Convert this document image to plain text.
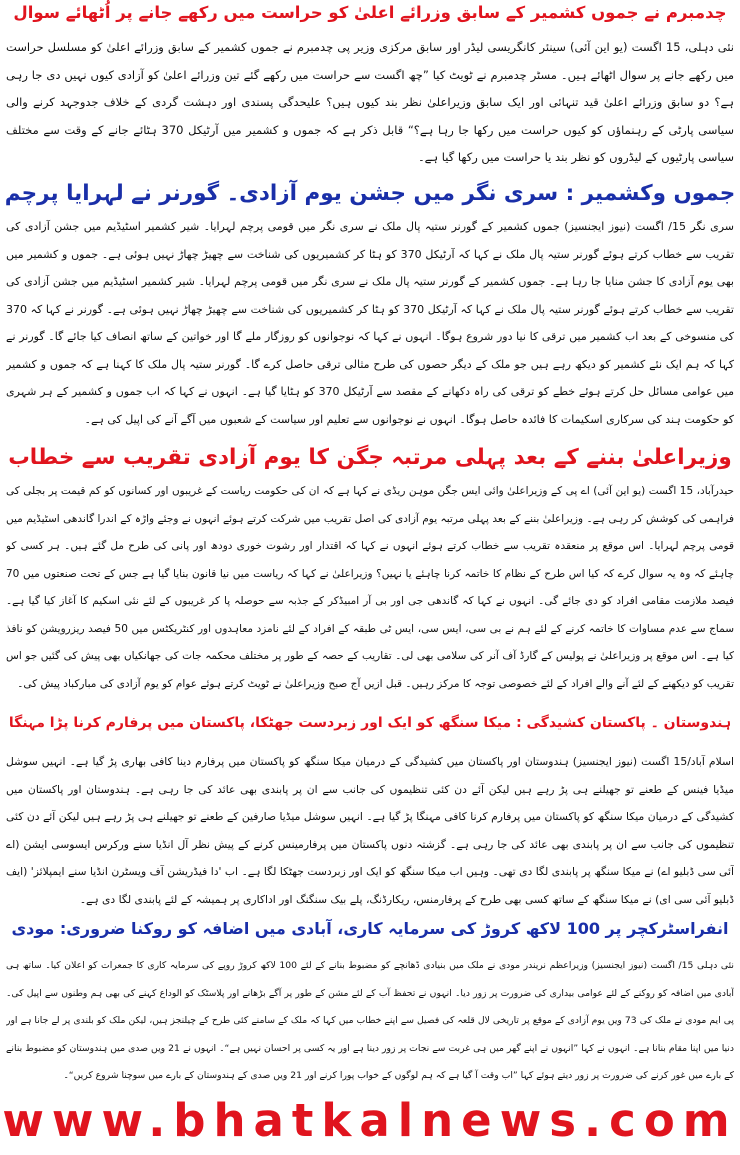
چدمبرم نے جموں کشمیر کے سابق وزرائے اعلیٰ کو حراست میں رکھے جانے پر اُٹھائے سوال

نئی دہلی، 15 اگست (یو این آئی) سینئر کانگریسی لیڈر اور سابق مرکزی وزیر پی چدمبرم نے جموں کشمیر کے سابق وزرائے اعلیٰ کو مسلسل حراست میں رکھے جانے پر سوال اٹھائے ہیں۔ مسٹر چدمبرم نے ٹویٹ کیا ”چھ اگست سے حراست میں رکھے گئے تین وزرائے اعلیٰ کو آزادی کیوں نہیں دی جا رہی ہے؟ دو سابق وزرائے اعلیٰ قید تنہائی اور ایک سابق وزیراعلیٰ نظر بند کیوں ہیں؟ علیحدگی پسندی اور دہشت گردی کے خلاف جدوجہد کرنے والی سیاسی پارٹی کے رہنماؤں کو کیوں حراست میں رکھا جا رہا ہے؟“ قابل ذکر ہے کہ جموں و کشمیر میں آرٹیکل 370 ہٹائے جانے کے وقت سے مختلف سیاسی پارٹیوں کے لیڈروں کو نظر بند یا حراست میں رکھا گیا ہے۔

جموں وکشمیر : سری نگر میں جشن یوم آزادی۔ گورنر نے لہرایا پرچم

سری نگر 15/ اگست (نیوز ایجنسیز) جموں کشمیر کے گورنر ستیہ پال ملک نے سری نگر میں قومی پرچم لہرایا۔ شیر کشمیر اسٹیڈیم میں جشن آزادی کی تقریب سے خطاب کرتے ہوئے گورنر ستیہ پال ملک نے کہا کہ آرٹیکل 370 کو ہٹا کر کشمیریوں کی شناخت سے چھیڑ چھاڑ نہیں ہوئی ہے۔ جموں و کشمیر میں بھی یوم آزادی کا جشن منایا جا رہا ہے۔ جموں کشمیر کے گورنر ستیہ پال ملک نے سری نگر میں قومی پرچم لہرایا۔ شیر کشمیر اسٹیڈیم میں جشن آزادی کی تقریب سے خطاب کرتے ہوئے گورنر ستیہ پال ملک نے کہا کہ آرٹیکل 370 کو ہٹا کر کشمیریوں کی شناخت سے چھیڑ چھاڑ نہیں ہوئی ہے۔ گورنر نے کہا کہ 370 کی منسوخی کے بعد اب کشمیر میں ترقی کا نیا دور شروع ہوگا۔ انہوں نے کہا کہ نوجوانوں کو روزگار ملے گا اور خواتین کے ساتھ انصاف کیا جائے گا۔ گورنر نے کہا کہ ہم ایک نئے کشمیر کو دیکھ رہے ہیں جو ملک کے دیگر حصوں کی طرح مثالی ترقی حاصل کرے گا۔ گورنر ستیہ پال ملک کا کہنا ہے کہ جموں و کشمیر میں عوامی مسائل حل کرتے ہوئے خطے کو ترقی کی راہ دکھانے کے مقصد سے آرٹیکل 370 کو ہٹایا گیا ہے۔ انہوں نے کہا کہ اب جموں و کشمیر کے ہر شہری کو حکومت ہند کی سرکاری اسکیمات کا فائدہ حاصل ہوگا۔ انہوں نے نوجوانوں سے تعلیم اور سیاست کے شعبوں میں آگے آنے کی اپیل کی ہے۔

وزیراعلیٰ بننے کے بعد پہلی مرتبہ جگن کا یوم آزادی تقریب سے خطاب

حیدرآباد، 15 اگست (یو این آئی) اے پی کے وزیراعلیٰ وائی ایس جگن موہن ریڈی نے کہا ہے کہ ان کی حکومت ریاست کے غریبوں اور کسانوں کو کم قیمت پر بجلی کی فراہمی کی کوشش کر رہی ہے۔ وزیراعلیٰ بننے کے بعد پہلی مرتبہ یوم آزادی کی اصل تقریب میں شرکت کرتے ہوئے انہوں نے وجئے واڑہ کے اندرا گاندھی اسٹیڈیم میں قومی پرچم لہرایا۔ اس موقع پر منعقدہ تقریب سے خطاب کرتے ہوئے انہوں نے کہا کہ اقتدار اور رشوت خوری دودھ اور پانی کی طرح مل گئے ہیں۔ ہر کسی کو چاہئے کہ وہ یہ سوال کرے کہ کیا اس طرح کے نظام کا خاتمہ کرنا چاہئے یا نہیں؟ وزیراعلیٰ نے کہا کہ ریاست میں نیا قانون بنایا گیا ہے جس کے تحت صنعتوں میں 70 فیصد ملازمت مقامی افراد کو دی جائے گی۔ انہوں نے کہا کہ گاندھی جی اور بی آر امبیڈکر کے جذبہ سے حوصلہ پا کر غریبوں کے لئے نئی اسکیم کا آغاز کیا گیا ہے۔ سماج سے عدم مساوات کا خاتمہ کرنے کے لئے ہم نے بی سی، ایس سی، ایس ٹی طبقہ کے افراد کے لئے نامزد معاہدوں اور کنٹریکٹس میں 50 فیصد ریزرویشن کو نافذ کیا ہے۔ اس موقع پر وزیراعلیٰ نے پولیس کے گارڈ آف آنر کی سلامی بھی لی۔ تقاریب کے حصہ کے طور پر مختلف محکمہ جات کی جھانکیاں بھی پیش کی گئیں جو اس تقریب کو دیکھنے کے لئے آنے والے افراد کے لئے خصوصی توجہ کا مرکز رہیں۔ قبل ازیں آج صبح وزیراعلیٰ نے ٹویٹ کرتے ہوئے عوام کو یوم آزادی کی مبارکباد پیش کی۔

ہندوستان ۔ پاکستان کشیدگی : میکا سنگھ کو ایک اور زبردست جھٹکا، پاکستان میں پرفارم کرنا پڑا مہنگا

اسلام آباد/15 اگست (نیوز ایجنسیز) ہندوستان اور پاکستان میں کشیدگی کے درمیان میکا سنگھ کو پاکستان میں پرفارم دینا کافی بھاری پڑ گیا ہے۔ انہیں سوشل میڈیا فینس کے طعنے تو جھیلنے ہی پڑ رہے ہیں لیکن آئے دن کئی تنظیموں کی جانب سے ان پر پابندی بھی عائد کی جا رہی ہے۔ ہندوستان اور پاکستان میں کشیدگی کے درمیان میکا سنگھ کو پاکستان میں پرفارم کرنا کافی مہنگا پڑ گیا ہے۔ انہیں سوشل میڈیا صارفین کے طعنے تو جھیلنے ہی پڑ رہے ہیں لیکن آئے دن کئی تنظیموں کی جانب سے ان پر پابندی بھی عائد کی جا رہی ہے۔ گزشتہ دنوں پاکستان میں پرفارمینس کرنے کے پیش نظر آل انڈیا سنے ورکرس ایسوسی ایشن (اے آئی سی ڈبلیو اے) نے میکا سنگھ پر پابندی لگا دی تھی۔ وہیں اب میکا سنگھ کو ایک اور زبردست جھٹکا لگا ہے۔ اب 'دا فیڈریشن آف ویسٹرن انڈیا سنے ایمپلائز' (ایف ڈبلیو آئی سی ای) نے میکا سنگھ کے ساتھ کسی بھی طرح کے پرفارمنس، ریکارڈنگ، پلے بیک سنگنگ اور اداکاری پر ہمیشہ کے لئے پابندی لگا دی ہے۔

انفراسٹرکچر پر 100 لاکھ کروڑ کی سرمایہ کاری، آبادی میں اضافہ کو روکنا ضروری: مودی

نئی دہلی 15/ اگست (نیوز ایجنسیز) وزیراعظم نریندر مودی نے ملک میں بنیادی ڈھانچے کو مضبوط بنانے کے لئے 100 لاکھ کروڑ روپے کی سرمایہ کاری کا جمعرات کو اعلان کیا۔ ساتھ ہی آبادی میں اضافہ کو روکنے کے لئے عوامی بیداری کی ضرورت پر زور دیا۔ انہوں نے تحفظ آب کے لئے مشن کے طور پر آگے بڑھانے اور پلاسٹک کو الوداع کہنے کی بھی ہم وطنوں سے اپیل کی۔ پی ایم مودی نے ملک کی 73 ویں یوم آزادی کے موقع پر تاریخی لال قلعہ کی فصیل سے اپنے خطاب میں کہا کہ ملک کے سامنے کئی طرح کے چیلنجز ہیں، لیکن ملک کو بلندی پر لے جانا ہے اور دنیا میں اپنا مقام بنانا ہے۔ انہوں نے کہا ”انہوں نے اپنے گھر میں ہی غربت سے نجات پر زور دینا ہے اور یہ کسی پر احسان نہیں ہے“۔ انہوں نے 21 ویں صدی میں ہندوستان کو مضبوط بنانے کے بارے میں غور کرنے کی ضرورت پر زور دیتے ہوئے کہا ”اب وقت آ گیا ہے کہ ہم لوگوں کے خواب پورا کرنے اور 21 ویں صدی کے ہندوستان کے بارے میں سوچنا شروع کریں“۔

www.bhatkalnews.com
